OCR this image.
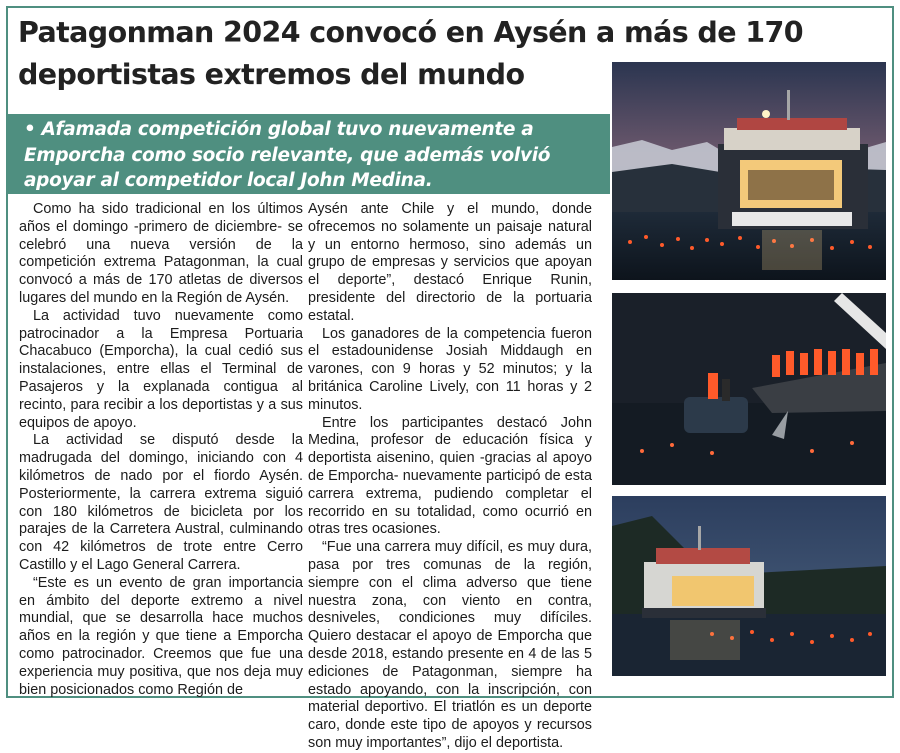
Patagonman 2024 convocó en Aysén a más de 170 deportistas extremos del mundo
• Afamada competición global tuvo nuevamente a Emporcha como socio relevante, que además volvió apoyar al competidor local John Medina.

Como ha sido tradicional en los últimos años el domingo -primero de diciembre- se celebró una nueva versión de la competición extrema Patagonman, la cual convocó a más de 170 atletas de diversos lugares del mundo en la Región de Aysén.

La actividad tuvo nuevamente como patrocinador a la Empresa Portuaria Chacabuco (Emporcha), la cual cedió sus instalaciones, entre ellas el Terminal de Pasajeros y la explanada contigua al recinto, para recibir a los deportistas y a sus equipos de apoyo.

La actividad se disputó desde la madrugada del domingo, iniciando con 4 kilómetros de nado por el fiordo Aysén. Posteriormente, la carrera extrema siguió con 180 kilómetros de bicicleta por los parajes de la Carretera Austral, culminando con 42 kilómetros de trote entre Cerro Castillo y el Lago General Carrera.

“Este es un evento de gran importancia en ámbito del deporte extremo a nivel mundial, que se desarrolla hace muchos años en la región y que tiene a Emporcha como patrocinador. Creemos que fue una experiencia muy positiva, que nos deja muy bien posicionados como Región de

Aysén ante Chile y el mundo, donde ofrecemos no solamente un paisaje natural y un entorno hermoso, sino además un grupo de empresas y servicios que apoyan el deporte”, destacó Enrique Runin, presidente del directorio de la portuaria estatal.

Los ganadores de la competencia fueron el estadounidense Josiah Middaugh en varones, con 9 horas y 52 minutos; y la británica Caroline Lively, con 11 horas y 2 minutos.

Entre los participantes destacó John Medina, profesor de educación física y deportista aisenino, quien -gracias al apoyo de Emporcha- nuevamente participó de esta carrera extrema, pudiendo completar el recorrido en su totalidad, como ocurrió en otras tres ocasiones.

“Fue una carrera muy difícil, es muy dura, pasa por tres comunas de la región, siempre con el clima adverso que tiene nuestra zona, con viento en contra, desniveles, condiciones muy difíciles. Quiero destacar el apoyo de Emporcha que desde 2018, estando presente en 4 de las 5 ediciones de Patagonman, siempre ha estado apoyando, con la inscripción, con material deportivo. El triatlón es un deporte caro, donde este tipo de apoyos y recursos son muy importantes”, dijo el deportista.
